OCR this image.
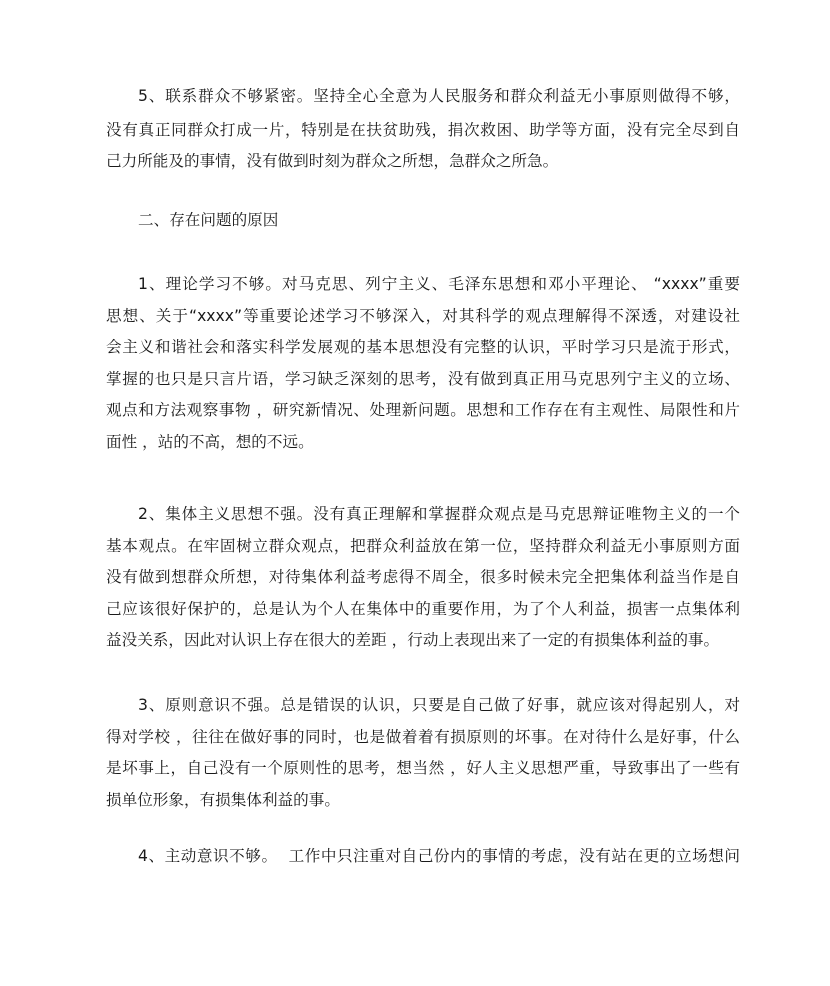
5、联系群众不够紧密。坚持全心全意为人民服务和群众利益无小事原则做得不够，
没有真正同群众打成一片，特别是在扶贫助残，捐次救困、助学等方面，没有完全尽到自
己力所能及的事情，没有做到时刻为群众之所想，急群众之所急。
二、存在问题的原因
1、理论学习不够。对马克思、列宁主义、毛泽东思想和邓小平理论、 “xxxx”重要
思想、关于“xxxx”等重要论述学习不够深入，对其科学的观点理解得不深透，对建设社
会主义和谐社会和落实科学发展观的基本思想没有完整的认识，平时学习只是流于形式，
掌握的也只是只言片语，学习缺乏深刻的思考，没有做到真正用马克思列宁主义的立场、
观点和方法观察事物 ，研究新情况、处理新问题。思想和工作存在有主观性、局限性和片
面性 ，站的不高，想的不远。
2、集体主义思想不强。没有真正理解和掌握群众观点是马克思辩证唯物主义的一个
基本观点。在牢固树立群众观点，把群众利益放在第一位，坚持群众利益无小事原则方面
没有做到想群众所想，对待集体利益考虑得不周全，很多时候未完全把集体利益当作是自
己应该很好保护的，总是认为个人在集体中的重要作用，为了个人利益，损害一点集体利
益没关系，因此对认识上存在很大的差距 ，行动上表现出来了一定的有损集体利益的事。
3、原则意识不强。总是错误的认识，只要是自己做了好事，就应该对得起别人，对
得对学校 ，往往在做好事的同时，也是做着着有损原则的坏事。在对待什么是好事，什么
是坏事上，自己没有一个原则性的思考，想当然 ，好人主义思想严重，导致事出了一些有
损单位形象，有损集体利益的事。
4、主动意识不够。  工作中只注重对自己份内的事情的考虑，没有站在更的立场想问
